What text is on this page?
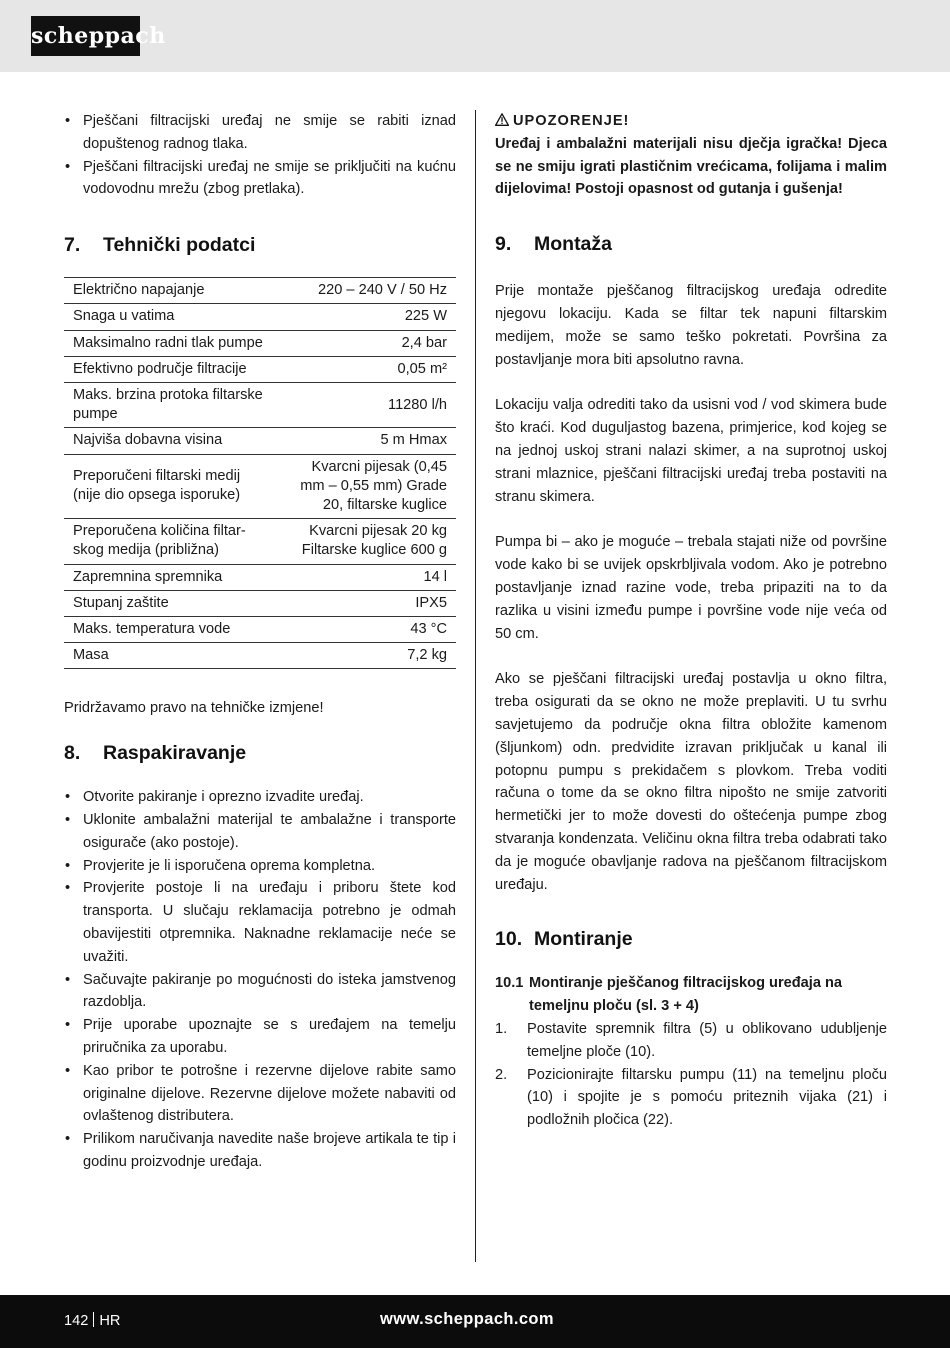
scheppach
• Pješčani filtracijski uređaj ne smije se rabiti iznad dopuštenog radnog tlaka.
• Pješčani filtracijski uređaj ne smije se priključiti na kućnu vodovodnu mrežu (zbog pretlaka).
7.	Tehnički podatci
Električno napajanje	220 – 240 V / 50 Hz
Snaga u vatima	225 W
Maksimalno radni tlak pumpe	2,4 bar
Efektivno područje filtracije	0,05 m²
Maks. brzina protoka filtarske pumpe	11280 l/h
Najviša dobavna visina	5 m Hmax
Preporučeni filtarski medij (nije dio opsega isporuke)	Kvarcni pijesak (0,45 mm – 0,55 mm) Grade 20, filtarske kuglice
Preporučena količina filtarskog medija (približna)	Kvarcni pijesak 20 kg Filtarske kuglice 600 g
Zapremnina spremnika	14 l
Stupanj zaštite	IPX5
Maks. temperatura vode	43 °C
Masa	7,2 kg

Pridržavamo pravo na tehničke izmjene!

8.	Raspakiravanje
• Otvorite pakiranje i oprezno izvadite uređaj.
• Uklonite ambalažni materijal te ambalažne i transporte osigurače (ako postoje).
• Provjerite je li isporučena oprema kompletna.
• Provjerite postoje li na uređaju i priboru štete kod transporta. U slučaju reklamacija potrebno je odmah obavijestiti otpremnika. Naknadne reklamacije neće se uvažiti.
• Sačuvajte pakiranje po mogućnosti do isteka jamstvenog razdoblja.
• Prije uporabe upoznajte se s uređajem na temelju priručnika za uporabu.
• Kao pribor te potrošne i rezervne dijelove rabite samo originalne dijelove. Rezervne dijelove možete nabaviti od ovlaštenog distributera.
• Prilikom naručivanja navedite naše brojeve artikala te tip i godinu proizvodnje uređaja.
UPOZORENJE!

Uređaj i ambalažni materijali nisu dječja igračka! Djeca se ne smiju igrati plastičnim vrećicama, folijama i malim dijelovima! Postoji opasnost od gutanja i gušenja!

9.	Montaža

Prije montaže pješčanog filtracijskog uređaja odredite njegovu lokaciju. Kada se filtar tek napuni filtarskim medijem, može se samo teško pokretati. Površina za postavljanje mora biti apsolutno ravna.

Lokaciju valja odrediti tako da usisni vod / vod skimera bude što kraći. Kod duguljastog bazena, primjerice, kod kojeg se na jednoj uskoj strani nalazi skimer, a na suprotnoj uskoj strani mlaznice, pješčani filtracijski uređaj treba postaviti na stranu skimera.

Pumpa bi – ako je moguće – trebala stajati niže od površine vode kako bi se uvijek opskrbljivala vodom. Ako je potrebno postavljanje iznad razine vode, treba pripaziti na to da razlika u visini između pumpe i površine vode nije veća od 50 cm.

Ako se pješčani filtracijski uređaj postavlja u okno filtra, treba osigurati da se okno ne može preplaviti. U tu svrhu savjetujemo da područje okna filtra obložite kamenom (šljunkom) odn. predvidite izravan priključak u kanal ili potopnu pumpu s prekidačem s plovkom. Treba voditi računa o tome da se okno filtra nipošto ne smije zatvoriti hermetički jer to može dovesti do oštećenja pumpe zbog stvaranja kondenzata. Veličinu okna filtra treba odabrati tako da je moguće obavljanje radova na pješčanom filtracijskom uređaju.

10. Montiranje
10.1 Montiranje pješčanog filtracijskog uređaja na temeljnu ploču (sl. 3 + 4)
1. Postavite spremnik filtra (5) u oblikovano udubljenje temeljne ploče (10).
2. Pozicionirajte filtarsku pumpu (11) na temeljnu ploču (10) i spojite je s pomoću priteznih vijaka (21) i podložnih pločica (22).
142 HR	www.scheppach.com
